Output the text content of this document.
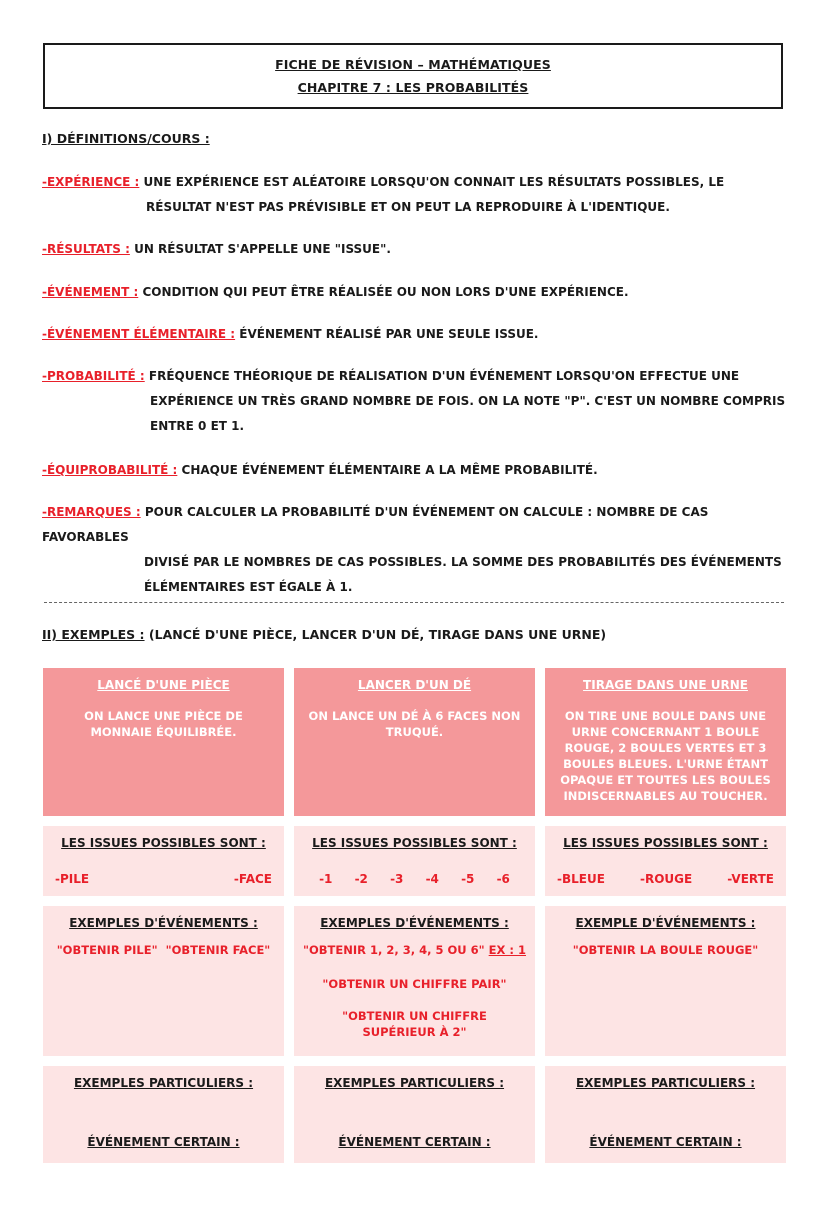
FICHE DE RÉVISION – MATHÉMATIQUES
CHAPITRE 7 : LES PROBABILITÉS
I) DÉFINITIONS/COURS :
-EXPÉRIENCE : UNE EXPÉRIENCE EST ALÉATOIRE LORSQU'ON CONNAIT LES RÉSULTATS POSSIBLES, LE
RÉSULTAT N'EST PAS PRÉVISIBLE ET ON PEUT LA REPRODUIRE À L'IDENTIQUE.
-RÉSULTATS : UN RÉSULTAT S'APPELLE UNE "ISSUE".
-ÉVÉNEMENT : CONDITION QUI PEUT ÊTRE RÉALISÉE OU NON LORS D'UNE EXPÉRIENCE.
-ÉVÉNEMENT ÉLÉMENTAIRE : ÉVÉNEMENT RÉALISÉ PAR UNE SEULE ISSUE.
-PROBABILITÉ : FRÉQUENCE THÉORIQUE DE RÉALISATION D'UN ÉVÉNEMENT LORSQU'ON EFFECTUE UNE
EXPÉRIENCE UN TRÈS GRAND NOMBRE DE FOIS. ON LA NOTE "P". C'EST UN NOMBRE COMPRIS
ENTRE 0 ET 1.
-ÉQUIPROBABILITÉ : CHAQUE ÉVÉNEMENT ÉLÉMENTAIRE A LA MÊME PROBABILITÉ.
-REMARQUES : POUR CALCULER LA PROBABILITÉ D'UN ÉVÉNEMENT ON CALCULE : NOMBRE DE CAS FAVORABLES
DIVISÉ PAR LE NOMBRES DE CAS POSSIBLES. LA SOMME DES PROBABILITÉS DES ÉVÉNEMENTS
ÉLÉMENTAIRES EST ÉGALE À 1.
II) EXEMPLES : (LANCÉ D'UNE PIÈCE, LANCER D'UN DÉ, TIRAGE DANS UNE URNE)
LANCÉ D'UNE PIÈCE
ON LANCE UNE PIÈCE DE MONNAIE ÉQUILIBRÉE.
LANCER D'UN DÉ
ON LANCE UN DÉ À 6 FACES NON TRUQUÉ.
TIRAGE DANS UNE URNE
ON TIRE UNE BOULE DANS UNE URNE CONCERNANT 1 BOULE ROUGE, 2 BOULES VERTES ET 3 BOULES BLEUES. L'URNE ÉTANT OPAQUE ET TOUTES LES BOULES INDISCERNABLES AU TOUCHER.
LES ISSUES POSSIBLES SONT :
-PILE	-FACE
LES ISSUES POSSIBLES SONT :
-1 -2 -3 -4 -5 -6
LES ISSUES POSSIBLES SONT :
-BLEUE	-ROUGE	-VERTE
EXEMPLES D'ÉVÉNEMENTS :
"OBTENIR PILE"  "OBTENIR FACE"
EXEMPLES D'ÉVÉNEMENTS :
"OBTENIR 1, 2, 3, 4, 5 OU 6" EX : 1
"OBTENIR UN CHIFFRE PAIR"
"OBTENIR UN CHIFFRE SUPÉRIEUR À 2"
EXEMPLE D'ÉVÉNEMENTS :
"OBTENIR LA BOULE ROUGE"
EXEMPLES PARTICULIERS :
ÉVÉNEMENT CERTAIN :
EXEMPLES PARTICULIERS :
ÉVÉNEMENT CERTAIN :
EXEMPLES PARTICULIERS :
ÉVÉNEMENT CERTAIN :
